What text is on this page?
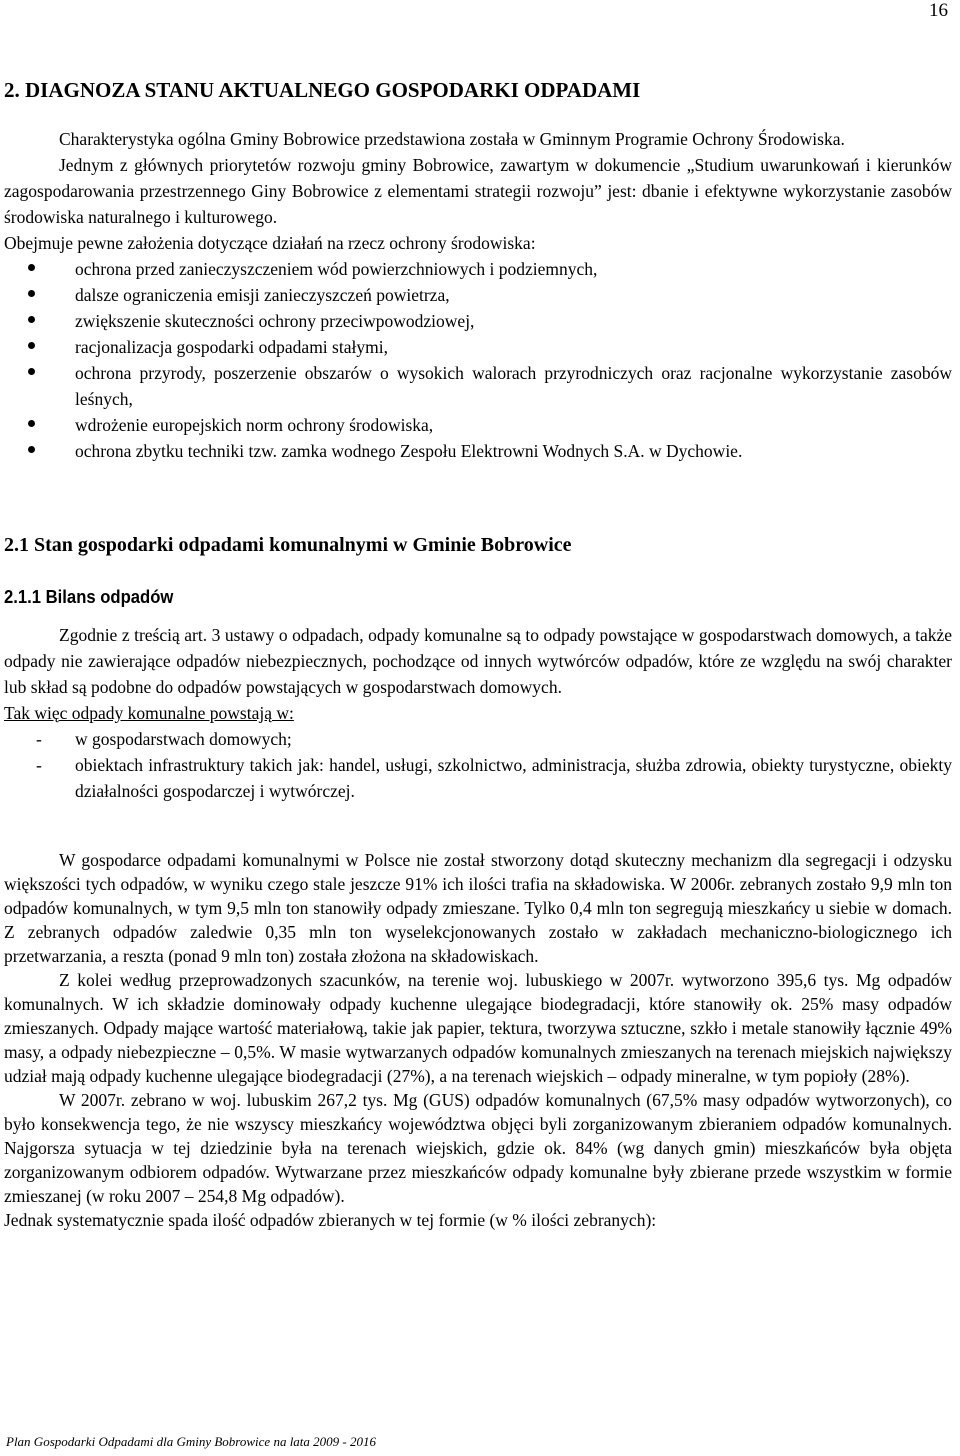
16
2. DIAGNOZA STANU AKTUALNEGO GOSPODARKI ODPADAMI

Charakterystyka ogólna Gminy Bobrowice przedstawiona została w Gminnym Programie Ochrony Środowiska.

Jednym z głównych priorytetów rozwoju gminy Bobrowice, zawartym w dokumencie „Studium uwarunkowań i kierunków zagospodarowania przestrzennego Giny Bobrowice z elementami strategii rozwoju” jest: dbanie i efektywne wykorzystanie zasobów środowiska naturalnego i kulturowego.

Obejmuje pewne założenia dotyczące działań na rzecz ochrony środowiska:

ochrona przed zanieczyszczeniem wód powierzchniowych i podziemnych,
dalsze ograniczenia emisji zanieczyszczeń powietrza,
zwiększenie skuteczności ochrony przeciwpowodziowej,
racjonalizacja gospodarki odpadami stałymi,
ochrona przyrody, poszerzenie obszarów o wysokich walorach przyrodniczych oraz racjonalne wykorzystanie zasobów leśnych,
wdrożenie europejskich norm ochrony środowiska,
ochrona zbytku techniki tzw. zamka wodnego Zespołu Elektrowni Wodnych S.A. w Dychowie.
2.1 Stan gospodarki odpadami komunalnymi w Gminie Bobrowice
2.1.1 Bilans odpadów

Zgodnie z treścią art. 3 ustawy o odpadach, odpady komunalne są to odpady powstające w gospodarstwach domowych, a także odpady nie zawierające odpadów niebezpiecznych, pochodzące od innych wytwórców odpadów, które ze względu na swój charakter lub skład są podobne do odpadów powstających w gospodarstwach domowych.

Tak więc odpady komunalne powstają w:

- w gospodarstwach domowych;
- obiektach infrastruktury takich jak: handel, usługi, szkolnictwo, administracja, służba zdrowia, obiekty turystyczne, obiekty działalności gospodarczej i wytwórczej.

W gospodarce odpadami komunalnymi w Polsce nie został stworzony dotąd skuteczny mechanizm dla segregacji i odzysku większości tych odpadów, w wyniku czego stale jeszcze 91% ich ilości trafia na składowiska. W 2006r. zebranych zostało 9,9 mln ton odpadów komunalnych, w tym 9,5 mln ton stanowiły odpady zmieszane. Tylko 0,4 mln ton segregują mieszkańcy u siebie w domach. Z zebranych odpadów zaledwie 0,35 mln ton wyselekcjonowanych zostało w zakładach mechaniczno-biologicznego ich przetwarzania, a reszta (ponad 9 mln ton) została złożona na składowiskach.

Z kolei według przeprowadzonych szacunków, na terenie woj. lubuskiego w 2007r. wytworzono 395,6 tys. Mg odpadów komunalnych. W ich składzie dominowały odpady kuchenne ulegające biodegradacji, które stanowiły ok. 25% masy odpadów zmieszanych. Odpady mające wartość materiałową, takie jak papier, tektura, tworzywa sztuczne, szkło i metale stanowiły łącznie 49% masy, a odpady niebezpieczne – 0,5%. W masie wytwarzanych odpadów komunalnych zmieszanych na terenach miejskich największy udział mają odpady kuchenne ulegające biodegradacji (27%), a na terenach wiejskich – odpady mineralne, w tym popioły (28%).

W 2007r. zebrano w woj. lubuskim 267,2 tys. Mg (GUS) odpadów komunalnych (67,5% masy odpadów wytworzonych), co było konsekwencja tego, że nie wszyscy mieszkańcy województwa objęci byli zorganizowanym zbieraniem odpadów komunalnych. Najgorsza sytuacja w tej dziedzinie była na terenach wiejskich, gdzie ok. 84% (wg danych gmin) mieszkańców była objęta zorganizowanym odbiorem odpadów. Wytwarzane przez mieszkańców odpady komunalne były zbierane przede wszystkim w formie zmieszanej (w roku 2007 – 254,8 Mg odpadów).

Jednak systematycznie spada ilość odpadów zbieranych w tej formie (w % ilości zebranych):

Plan Gospodarki Odpadami dla Gminy Bobrowice na lata 2009 - 2016
